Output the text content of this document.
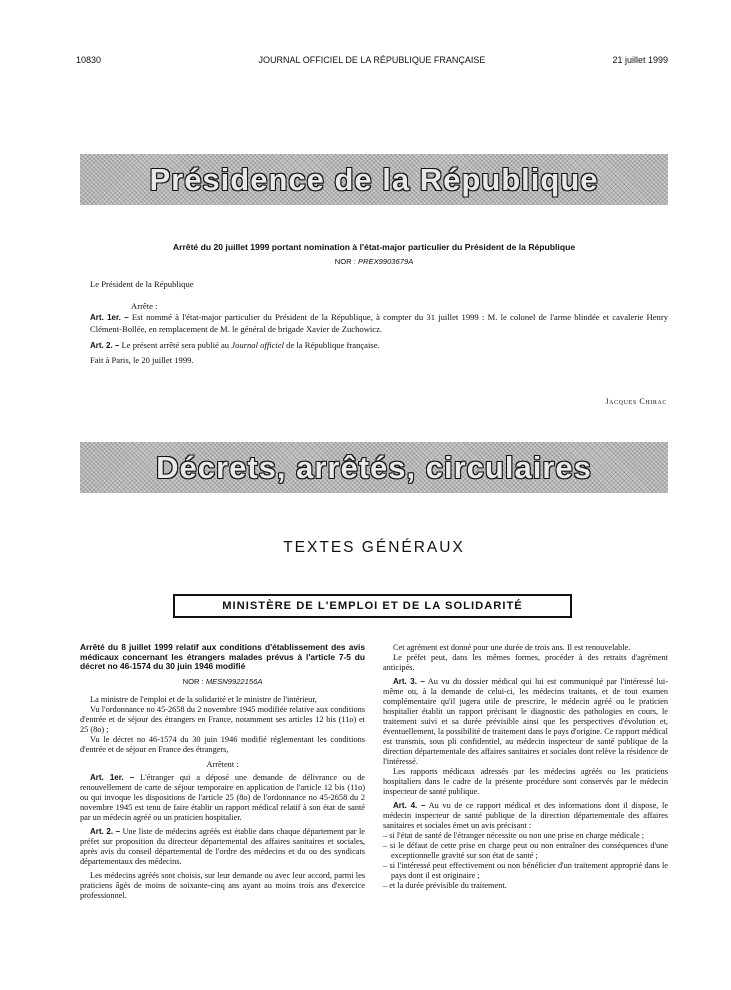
10830	JOURNAL OFFICIEL DE LA RÉPUBLIQUE FRANÇAISE	21 juillet 1999
Présidence de la République
Arrêté du 20 juillet 1999 portant nomination à l'état-major particulier du Président de la République
NOR : PREX9903679A
Le Président de la République
Arrête :
Art. 1er. – Est nommé à l'état-major particulier du Président de la République, à compter du 31 juillet 1999 : M. le colonel de l'arme blindée et cavalerie Henry Clément-Bollée, en remplacement de M. le général de brigade Xavier de Zuchowicz.
Art. 2. – Le présent arrêté sera publié au Journal officiel de la République française.
Fait à Paris, le 20 juillet 1999.
Jacques Chirac
Décrets, arrêtés, circulaires
TEXTES GÉNÉRAUX
MINISTÈRE DE L'EMPLOI ET DE LA SOLIDARITÉ

Arrêté du 8 juillet 1999 relatif aux conditions d'établissement des avis médicaux concernant les étrangers malades prévus à l'article 7-5 du décret no 46-1574 du 30 juin 1946 modifié

NOR : MESN9922156A

La ministre de l'emploi et de la solidarité et le ministre de l'intérieur,

Vu l'ordonnance no 45-2658 du 2 novembre 1945 modifiée relative aux conditions d'entrée et de séjour des étrangers en France, notamment ses articles 12 bis (11o) et 25 (8o) ;

Vu le décret no 46-1574 du 30 juin 1946 modifié réglementant les conditions d'entrée et de séjour en France des étrangers,

Arrêtent :

Art. 1er. – L'étranger qui a déposé une demande de délivrance ou de renouvellement de carte de séjour temporaire en application de l'article 12 bis (11o) ou qui invoque les dispositions de l'article 25 (8o) de l'ordonnance no 45-2658 du 2 novembre 1945 est tenu de faire établir un rapport médical relatif à son état de santé par un médecin agréé ou un praticien hospitalier.

Art. 2. – Une liste de médecins agréés est établie dans chaque département par le préfet sur proposition du directeur départemental des affaires sanitaires et sociales, après avis du conseil départemental de l'ordre des médecins et du ou des syndicats départementaux des médecins.

Les médecins agréés sont choisis, sur leur demande ou avec leur accord, parmi les praticiens âgés de moins de soixante-cinq ans ayant au moins trois ans d'exercice professionnel.

Cet agrément est donné pour une durée de trois ans. Il est renouvelable.

Le préfet peut, dans les mêmes formes, procéder à des retraits d'agrément anticipés.

Art. 3. – Au vu du dossier médical qui lui est communiqué par l'intéressé lui-même ou, à la demande de celui-ci, les médecins traitants, et de tout examen complémentaire qu'il jugera utile de prescrire, le médecin agréé ou le praticien hospitalier établit un rapport précisant le diagnostic des pathologies en cours, le traitement suivi et sa durée prévisible ainsi que les perspectives d'évolution et, éventuellement, la possibilité de traitement dans le pays d'origine. Ce rapport médical est transmis, sous pli confidentiel, au médecin inspecteur de santé publique de la direction départementale des affaires sanitaires et sociales dont relève la résidence de l'intéressé.

Les rapports médicaux adressés par les médecins agréés ou les praticiens hospitaliers dans le cadre de la présente procédure sont conservés par le médecin inspecteur de santé publique.

Art. 4. – Au vu de ce rapport médical et des informations dont il dispose, le médecin inspecteur de santé publique de la direction départementale des affaires sanitaires et sociales émet un avis précisant :

– si l'état de santé de l'étranger nécessite ou non une prise en charge médicale ;

– si le défaut de cette prise en charge peut ou non entraîner des conséquences d'une exceptionnelle gravité sur son état de santé ;

– si l'intéressé peut effectivement ou non bénéficier d'un traitement approprié dans le pays dont il est originaire ;

– et la durée prévisible du traitement.
